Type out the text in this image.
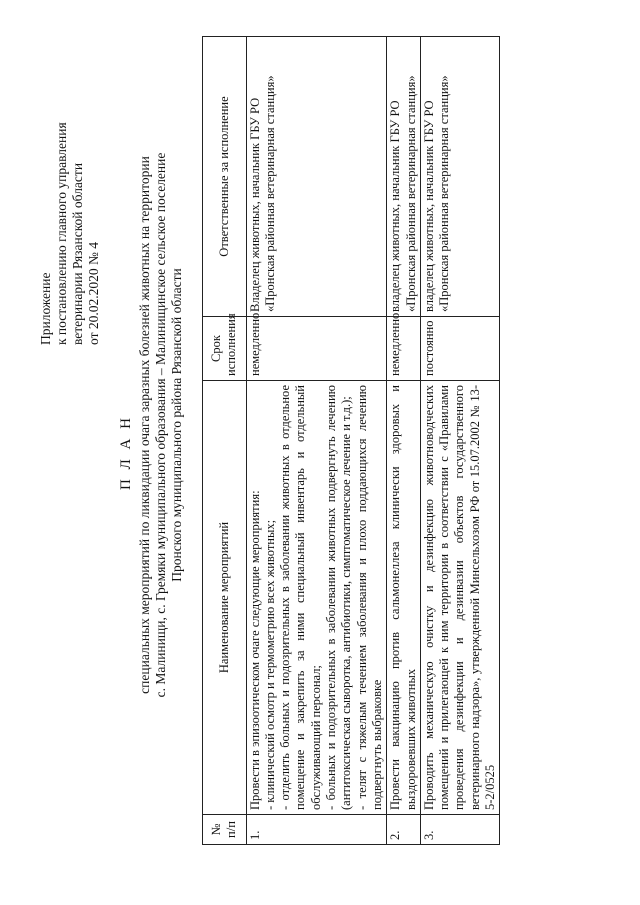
Приложение к постановлению главного управления ветеринарии Рязанской области от 20.02.2020 № 4
П Л А Н специальных мероприятий по ликвидации очага заразных болезней животных на территории с. Малинищи, с. Гремяки муниципального образования – Малинищинское сельское поселение Пронского муниципального района Рязанской области
№ п/п	Наименование мероприятий	Срок исполнения	Ответственные за исполнение
1.	Провести в эпизоотическом очаге следующие мероприятия: - клинический осмотр и термометрию всех животных; - отделить больных и подозрительных в заболевании животных в отдельное помещение и закрепить за ними специальный инвентарь и отдельный обслуживающий персонал; - больных и подозрительных в заболевании животных подвергнуть лечению (антитоксическая сыворотка, антибиотики, симптоматическое лечение и т.д.); - телят с тяжелым течением заболевания и плохо поддающихся лечению подвергнуть выбраковке	немедленно	Владелец животных, начальник ГБУ РО «Пронская районная ветеринарная станция»
2.	Провести вакцинацию против сальмонеллеза клинически здоровых и выздоровевших животных	немедленно	владелец животных, начальник ГБУ РО «Пронская районная ветеринарная станция»
3.	Проводить механическую очистку и дезинфекцию животноводческих помещений и прилегающей к ним территории в соответствии с «Правилами проведения дезинфекции и дезинвазии объектов государственного ветеринарного надзора», утвержденной Минсельхозом РФ от 15.07.2002 № 13-5-2/0525	постоянно	владелец животных, начальник ГБУ РО «Пронская районная ветеринарная станция»
